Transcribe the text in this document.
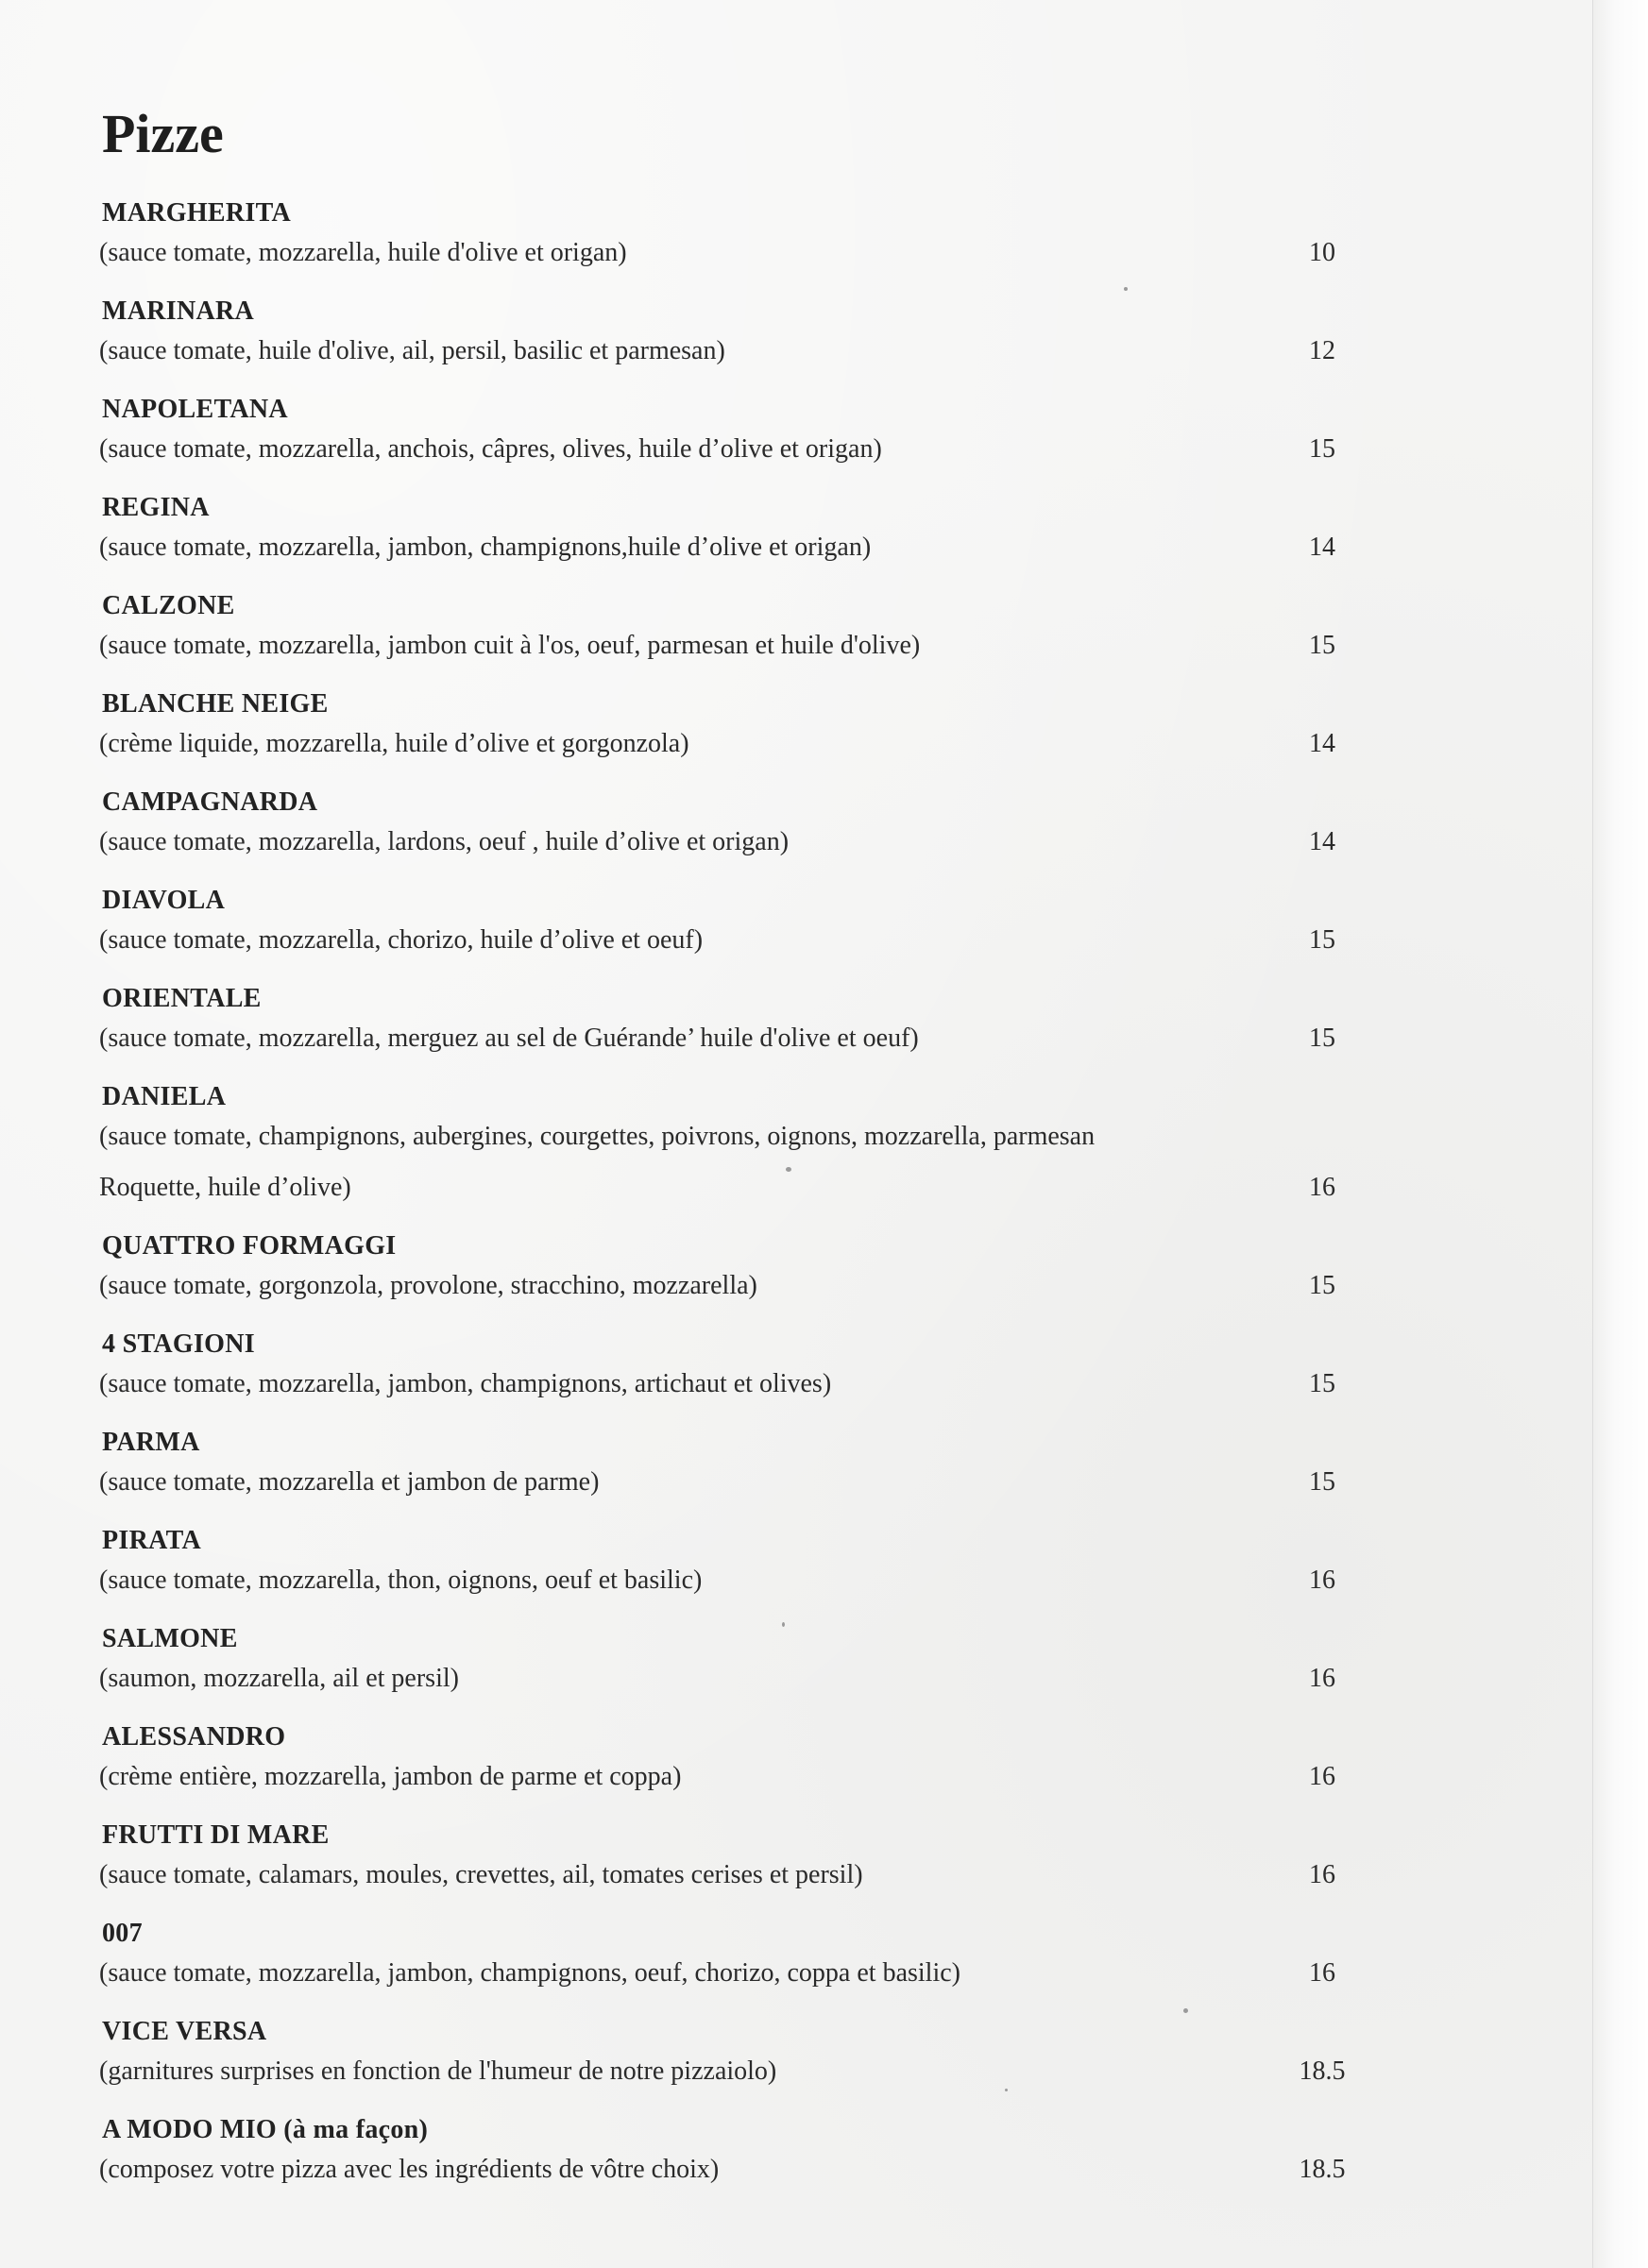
Pizze
MARGHERITA
(sauce tomate, mozzarella, huile d'olive et origan)	10
MARINARA
(sauce tomate, huile d'olive, ail, persil, basilic et parmesan)	12
NAPOLETANA
(sauce tomate, mozzarella, anchois, câpres, olives, huile d’olive et origan)	15
REGINA
(sauce tomate, mozzarella, jambon, champignons,huile d’olive et origan)	14
CALZONE
(sauce tomate, mozzarella, jambon cuit à l'os, oeuf, parmesan et huile d'olive)	15
BLANCHE NEIGE
(crème liquide, mozzarella, huile d’olive et gorgonzola)	14
CAMPAGNARDA
(sauce tomate, mozzarella, lardons, oeuf , huile d’olive et origan)	14
DIAVOLA
(sauce tomate, mozzarella, chorizo, huile d’olive et oeuf)	15
ORIENTALE
(sauce tomate, mozzarella, merguez au sel de Guérande’ huile d'olive et oeuf)	15
DANIELA
(sauce tomate, champignons, aubergines, courgettes, poivrons, oignons, mozzarella, parmesan
Roquette, huile d’olive)	16
QUATTRO FORMAGGI
(sauce tomate, gorgonzola, provolone, stracchino, mozzarella)	15
4 STAGIONI
(sauce tomate, mozzarella, jambon, champignons, artichaut et olives)	15
PARMA
(sauce tomate, mozzarella et jambon de parme)	15
PIRATA
(sauce tomate, mozzarella, thon, oignons, oeuf et basilic)	16
SALMONE
(saumon, mozzarella, ail et persil)	16
ALESSANDRO
(crème entière, mozzarella, jambon de parme et coppa)	16
FRUTTI DI MARE
(sauce tomate, calamars, moules, crevettes, ail, tomates cerises et persil)	16
007
(sauce tomate, mozzarella, jambon, champignons, oeuf, chorizo, coppa et basilic)	16
VICE VERSA
(garnitures surprises en fonction de l'humeur de notre pizzaiolo)	18.5
A MODO MIO (à ma façon)
(composez votre pizza avec les ingrédients de vôtre choix)	18.5
